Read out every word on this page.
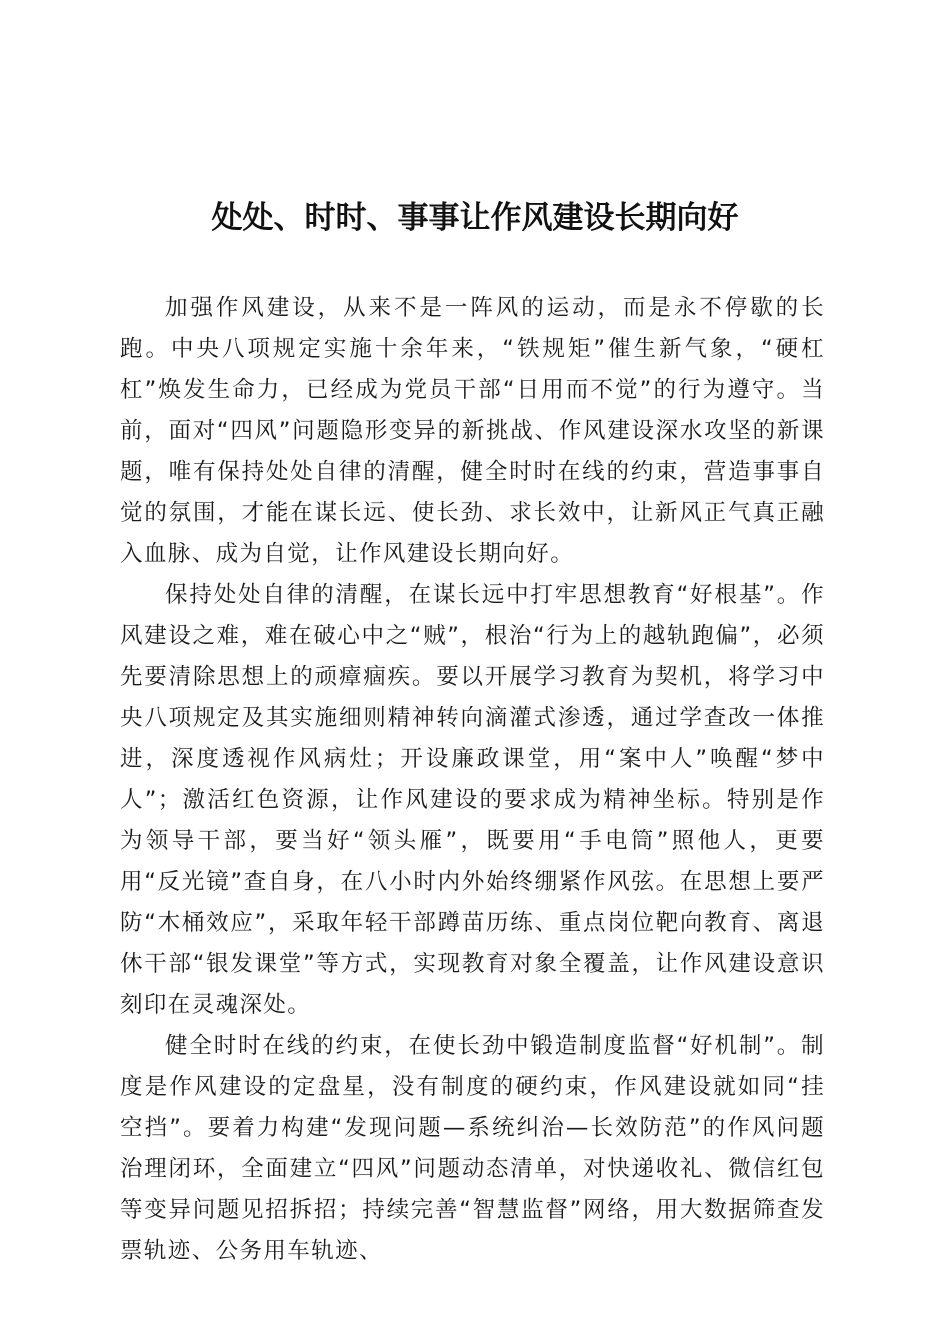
处处、时时、事事让作风建设长期向好

加强作风建设，从来不是一阵风的运动，而是永不停歇的长跑。中央八项规定实施十余年来，“铁规矩”催生新气象，“硬杠杠”焕发生命力，已经成为党员干部“日用而不觉”的行为遵守。当前，面对“四风”问题隐形变异的新挑战、作风建设深水攻坚的新课题，唯有保持处处自律的清醒，健全时时在线的约束，营造事事自觉的氛围，才能在谋长远、使长劲、求长效中，让新风正气真正融入血脉、成为自觉，让作风建设长期向好。

保持处处自律的清醒，在谋长远中打牢思想教育“好根基”。作风建设之难，难在破心中之“贼”，根治“行为上的越轨跑偏”，必须先要清除思想上的顽瘴痼疾。要以开展学习教育为契机，将学习中央八项规定及其实施细则精神转向滴灌式渗透，通过学查改一体推进，深度透视作风病灶；开设廉政课堂，用“案中人”唤醒“梦中人”；激活红色资源，让作风建设的要求成为精神坐标。特别是作为领导干部，要当好“领头雁”，既要用“手电筒”照他人，更要用“反光镜”查自身，在八小时内外始终绷紧作风弦。在思想上要严防“木桶效应”，采取年轻干部蹲苗历练、重点岗位靶向教育、离退休干部“银发课堂”等方式，实现教育对象全覆盖，让作风建设意识刻印在灵魂深处。

健全时时在线的约束，在使长劲中锻造制度监督“好机制”。制度是作风建设的定盘星，没有制度的硬约束，作风建设就如同“挂空挡”。要着力构建“发现问题—系统纠治—长效防范”的作风问题治理闭环，全面建立“四风”问题动态清单，对快递收礼、微信红包等变异问题见招拆招；持续完善“智慧监督”网络，用大数据筛查发票轨迹、公务用车轨迹、
